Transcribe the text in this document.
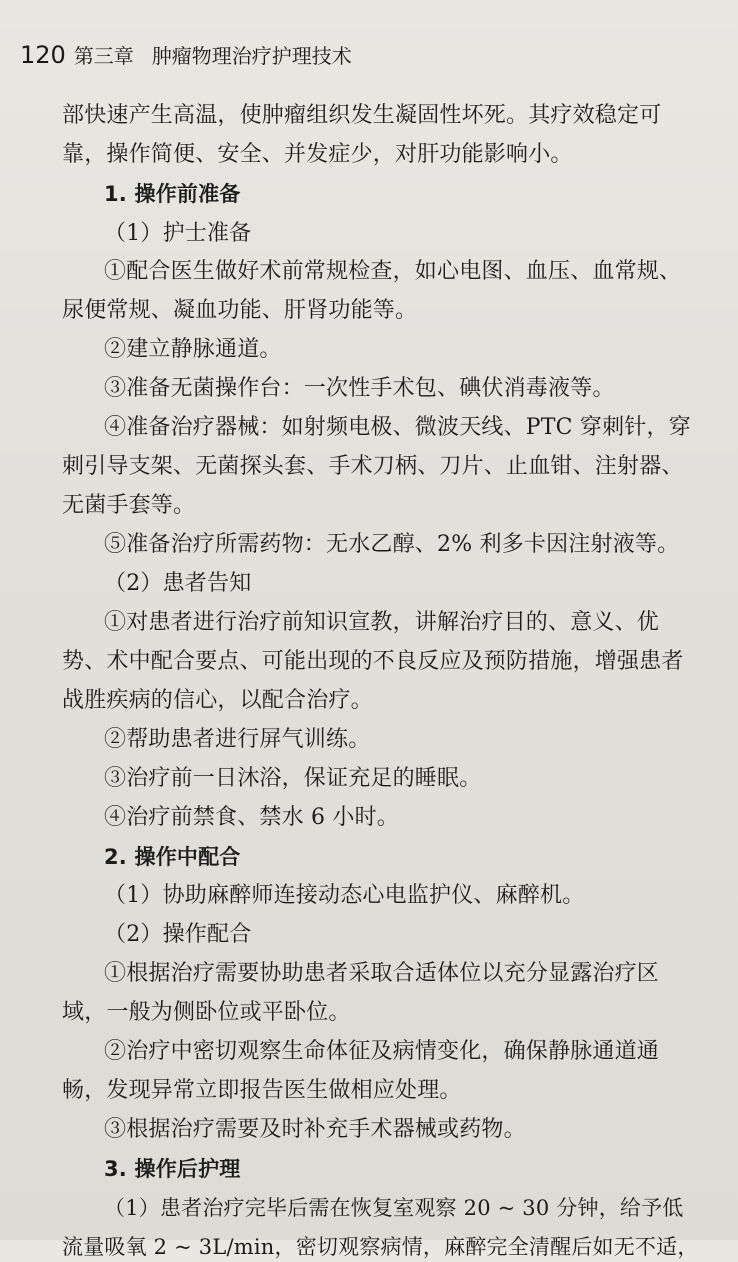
120 第三章 肿瘤物理治疗护理技术
部快速产生高温，使肿瘤组织发生凝固性坏死。其疗效稳定可
靠，操作简便、安全、并发症少，对肝功能影响小。
1. 操作前准备
（1）护士准备
①配合医生做好术前常规检查，如心电图、血压、血常规、
尿便常规、凝血功能、肝肾功能等。
②建立静脉通道。
③准备无菌操作台：一次性手术包、碘伏消毒液等。
④准备治疗器械：如射频电极、微波天线、PTC 穿刺针，穿
刺引导支架、无菌探头套、手术刀柄、刀片、止血钳、注射器、
无菌手套等。
⑤准备治疗所需药物：无水乙醇、2% 利多卡因注射液等。
（2）患者告知
①对患者进行治疗前知识宣教，讲解治疗目的、意义、优
势、术中配合要点、可能出现的不良反应及预防措施，增强患者
战胜疾病的信心，以配合治疗。
②帮助患者进行屏气训练。
③治疗前一日沐浴，保证充足的睡眠。
④治疗前禁食、禁水 6 小时。
2. 操作中配合
（1）协助麻醉师连接动态心电监护仪、麻醉机。
（2）操作配合
①根据治疗需要协助患者采取合适体位以充分显露治疗区
域，一般为侧卧位或平卧位。
②治疗中密切观察生命体征及病情变化，确保静脉通道通
畅，发现异常立即报告医生做相应处理。
③根据治疗需要及时补充手术器械或药物。
3. 操作后护理
（1）患者治疗完毕后需在恢复室观察 20 ~ 30 分钟，给予低
流量吸氧 2 ~ 3L/min，密切观察病情，麻醉完全清醒后如无不适，
